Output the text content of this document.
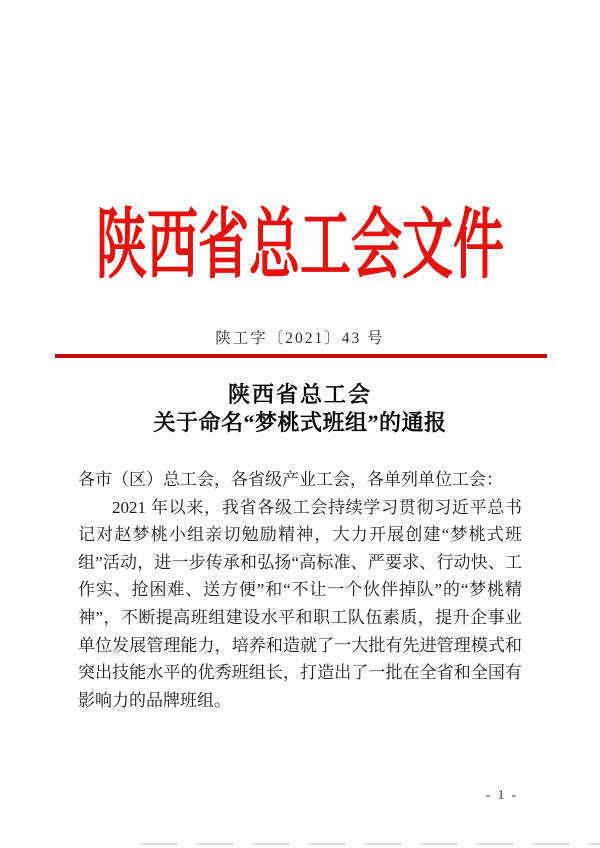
陕西省总工会文件
陕工字〔2021〕43 号
陕西省总工会
关于命名“梦桃式班组”的通报

各市（区）总工会，各省级产业工会，各单列单位工会：

2021 年以来，我省各级工会持续学习贯彻习近平总书记对赵梦桃小组亲切勉励精神，大力开展创建“梦桃式班组”活动，进一步传承和弘扬“高标准、严要求、行动快、工作实、抢困难、送方便”和“不让一个伙伴掉队”的“梦桃精神”，不断提高班组建设水平和职工队伍素质，提升企事业单位发展管理能力，培养和造就了一大批有先进管理模式和突出技能水平的优秀班组长，打造出了一批在全省和全国有影响力的品牌班组。

- 1 -
